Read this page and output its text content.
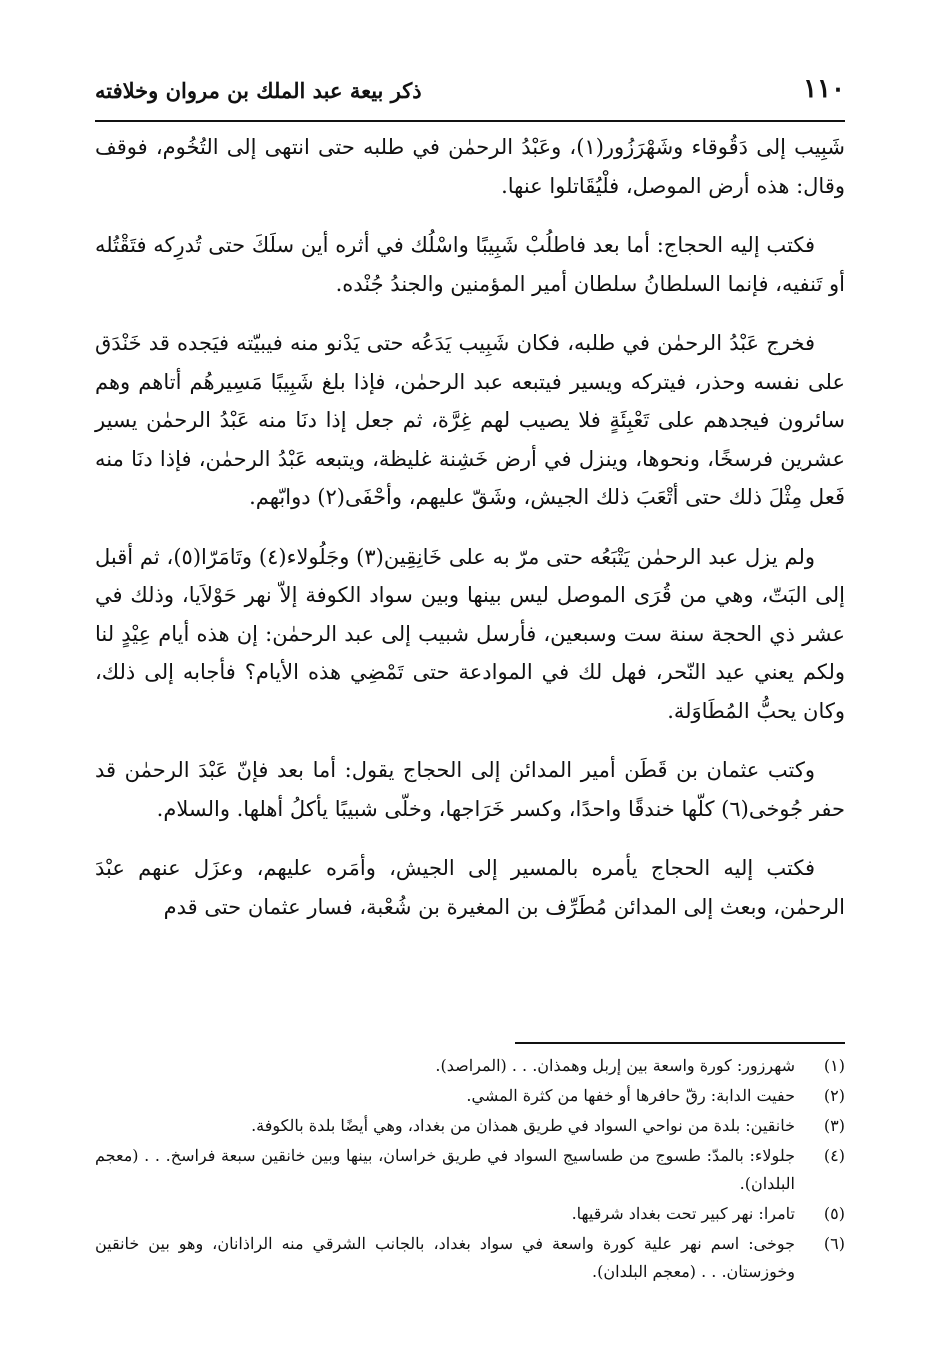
١١٠
ذكر بيعة عبد الملك بن مروان وخلافته

شَبِيب إلى دَقُوقاء وشَهْرَزُور(١)، وعَبْدُ الرحمٰن في طلبه حتى انتهى إلى التُخُوم، فوقف وقال: هذه أرض الموصل، فلْيُقَاتلوا عنها.

فكتب إليه الحجاج: أما بعد فاطلُبْ شَبِيبًا واسْلُك في أثره أين سلَكَ حتى تُدرِكه فتَقْتُله أو تَنفيه، فإنما السلطانُ سلطان أمير المؤمنين والجندُ جُنْده.

فخرج عَبْدُ الرحمٰن في طلبه، فكان شَبِيب يَدَعُه حتى يَدْنو منه فيبيّته فيَجده قد خَنْدَق على نفسه وحذر، فيتركه ويسير فيتبعه عبد الرحمٰن، فإذا بلغ شَبِيبًا مَسِيرهُم أتاهم وهم سائرون فيجدهم على تَعْبِئَةٍ فلا يصيب لهم غِرَّة، ثم جعل إذا دنَا منه عَبْدُ الرحمٰن يسير عشرين فرسخًا، ونحوها، وينزل في أرض خَشِنة غليظة، ويتبعه عَبْدُ الرحمٰن، فإذا دنَا منه فَعل مِثْلَ ذلك حتى أتْعَبَ ذلك الجيش، وشَقّ عليهم، وأحْفَى(٢) دوابّهم.

ولم يزل عبد الرحمٰن يَتْبَعُه حتى مرّ به على خَانِقِين(٣) وجَلُولاء(٤) وتَامَرّا(٥)، ثم أقبل إلى البَتّ، وهي من قُرَى الموصل ليس بينها وبين سواد الكوفة إلاّ نهر حَوْلاَيا، وذلك في عشر ذي الحجة سنة ست وسبعين، فأرسل شبيب إلى عبد الرحمٰن: إن هذه أيام عِيْدٍ لنا ولكم يعني عيد النّحر، فهل لك في الموادعة حتى تَمْضِي هذه الأيام؟ فأجابه إلى ذلك، وكان يحبُّ المُطَاوَلة.

وكتب عثمان بن قَطَن أمير المدائن إلى الحجاج يقول: أما بعد فإنّ عَبْدَ الرحمٰن قد حفر جُوخى(٦) كلّها خندقًا واحدًا، وكسر خَرَاجها، وخلّى شبيبًا يأكلُ أهلها. والسلام.

فكتب إليه الحجاج يأمره بالمسير إلى الجيش، وأمَره عليهم، وعزَل عنهم عبْدَ الرحمٰن، وبعث إلى المدائن مُطَرِّف بن المغيرة بن شُعْبة، فسار عثمان حتى قدم

(١)
شهرزور: كورة واسعة بين إربل وهمذان. . . (المراصد).
(٢)
حفيت الدابة: رقّ حافرها أو خفها من كثرة المشي.
(٣)
خانقين: بلدة من نواحي السواد في طريق همذان من بغداد، وهي أيضًا بلدة بالكوفة.
(٤)
جلولاء: بالمدّ: طسوج من طساسيج السواد في طريق خراسان، بينها وبين خانقين سبعة فراسخ. . . (معجم البلدان).
(٥)
تامرا: نهر كبير تحت بغداد شرقيها.
(٦)
جوخى: اسم نهر علية كورة واسعة في سواد بغداد، بالجانب الشرقي منه الراذانان، وهو بين خانقين وخوزستان. . . (معجم البلدان).
